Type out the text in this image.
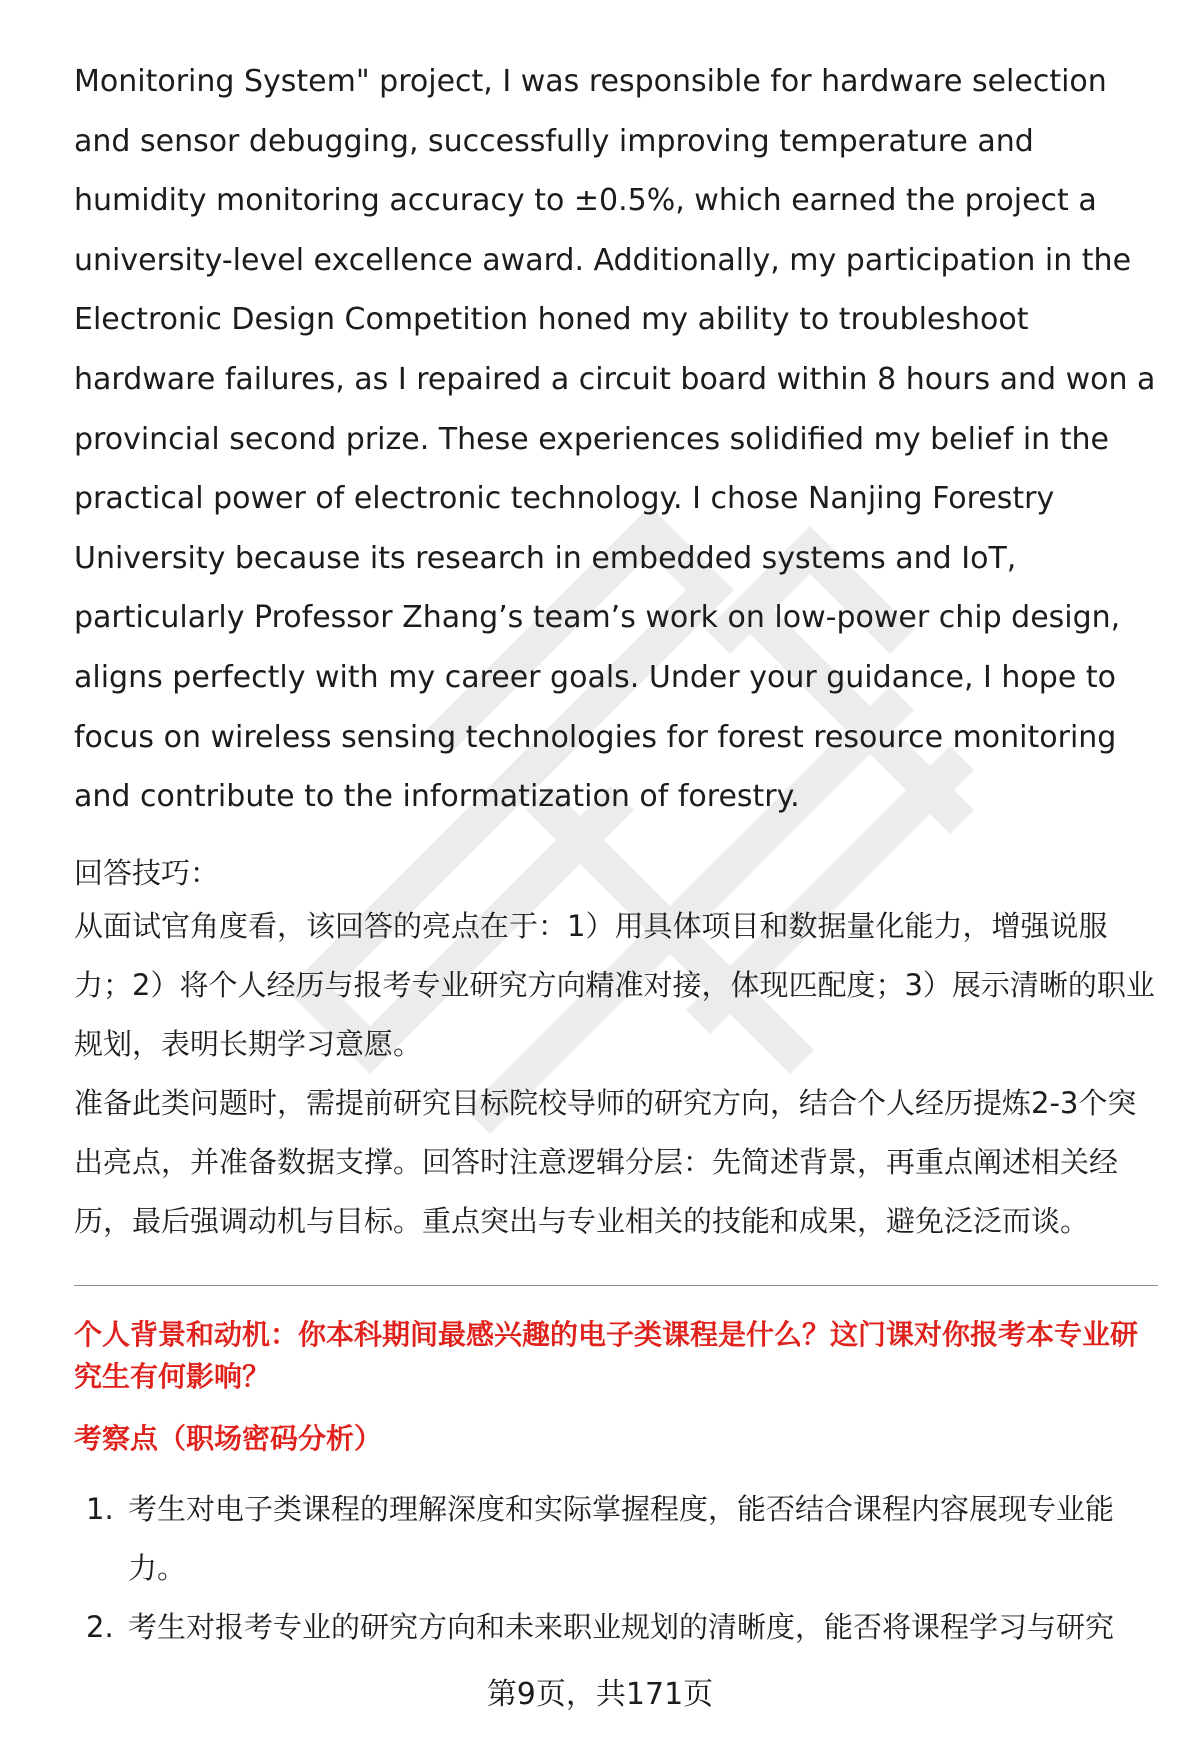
Monitoring System" project, I was responsible for hardware selection and sensor debugging, successfully improving temperature and humidity monitoring accuracy to ±0.5%, which earned the project a university-level excellence award. Additionally, my participation in the Electronic Design Competition honed my ability to troubleshoot hardware failures, as I repaired a circuit board within 8 hours and won a provincial second prize. These experiences solidified my belief in the practical power of electronic technology. I chose Nanjing Forestry University because its research in embedded systems and IoT, particularly Professor Zhang’s team’s work on low-power chip design, aligns perfectly with my career goals. Under your guidance, I hope to focus on wireless sensing technologies for forest resource monitoring and contribute to the informatization of forestry.

回答技巧：

从面试官角度看，该回答的亮点在于：1）用具体项目和数据量化能力，增强说服力；2）将个人经历与报考专业研究方向精准对接，体现匹配度；3）展示清晰的职业规划，表明长期学习意愿。

准备此类问题时，需提前研究目标院校导师的研究方向，结合个人经历提炼2-3个突出亮点，并准备数据支撑。回答时注意逻辑分层：先简述背景，再重点阐述相关经历，最后强调动机与目标。重点突出与专业相关的技能和成果，避免泛泛而谈。

个人背景和动机：你本科期间最感兴趣的电子类课程是什么？这门课对你报考本专业研究生有何影响？
考察点（职场密码分析）
1. 考生对电子类课程的理解深度和实际掌握程度，能否结合课程内容展现专业能力。
2. 考生对报考专业的研究方向和未来职业规划的清晰度，能否将课程学习与研究
第9页，共171页
